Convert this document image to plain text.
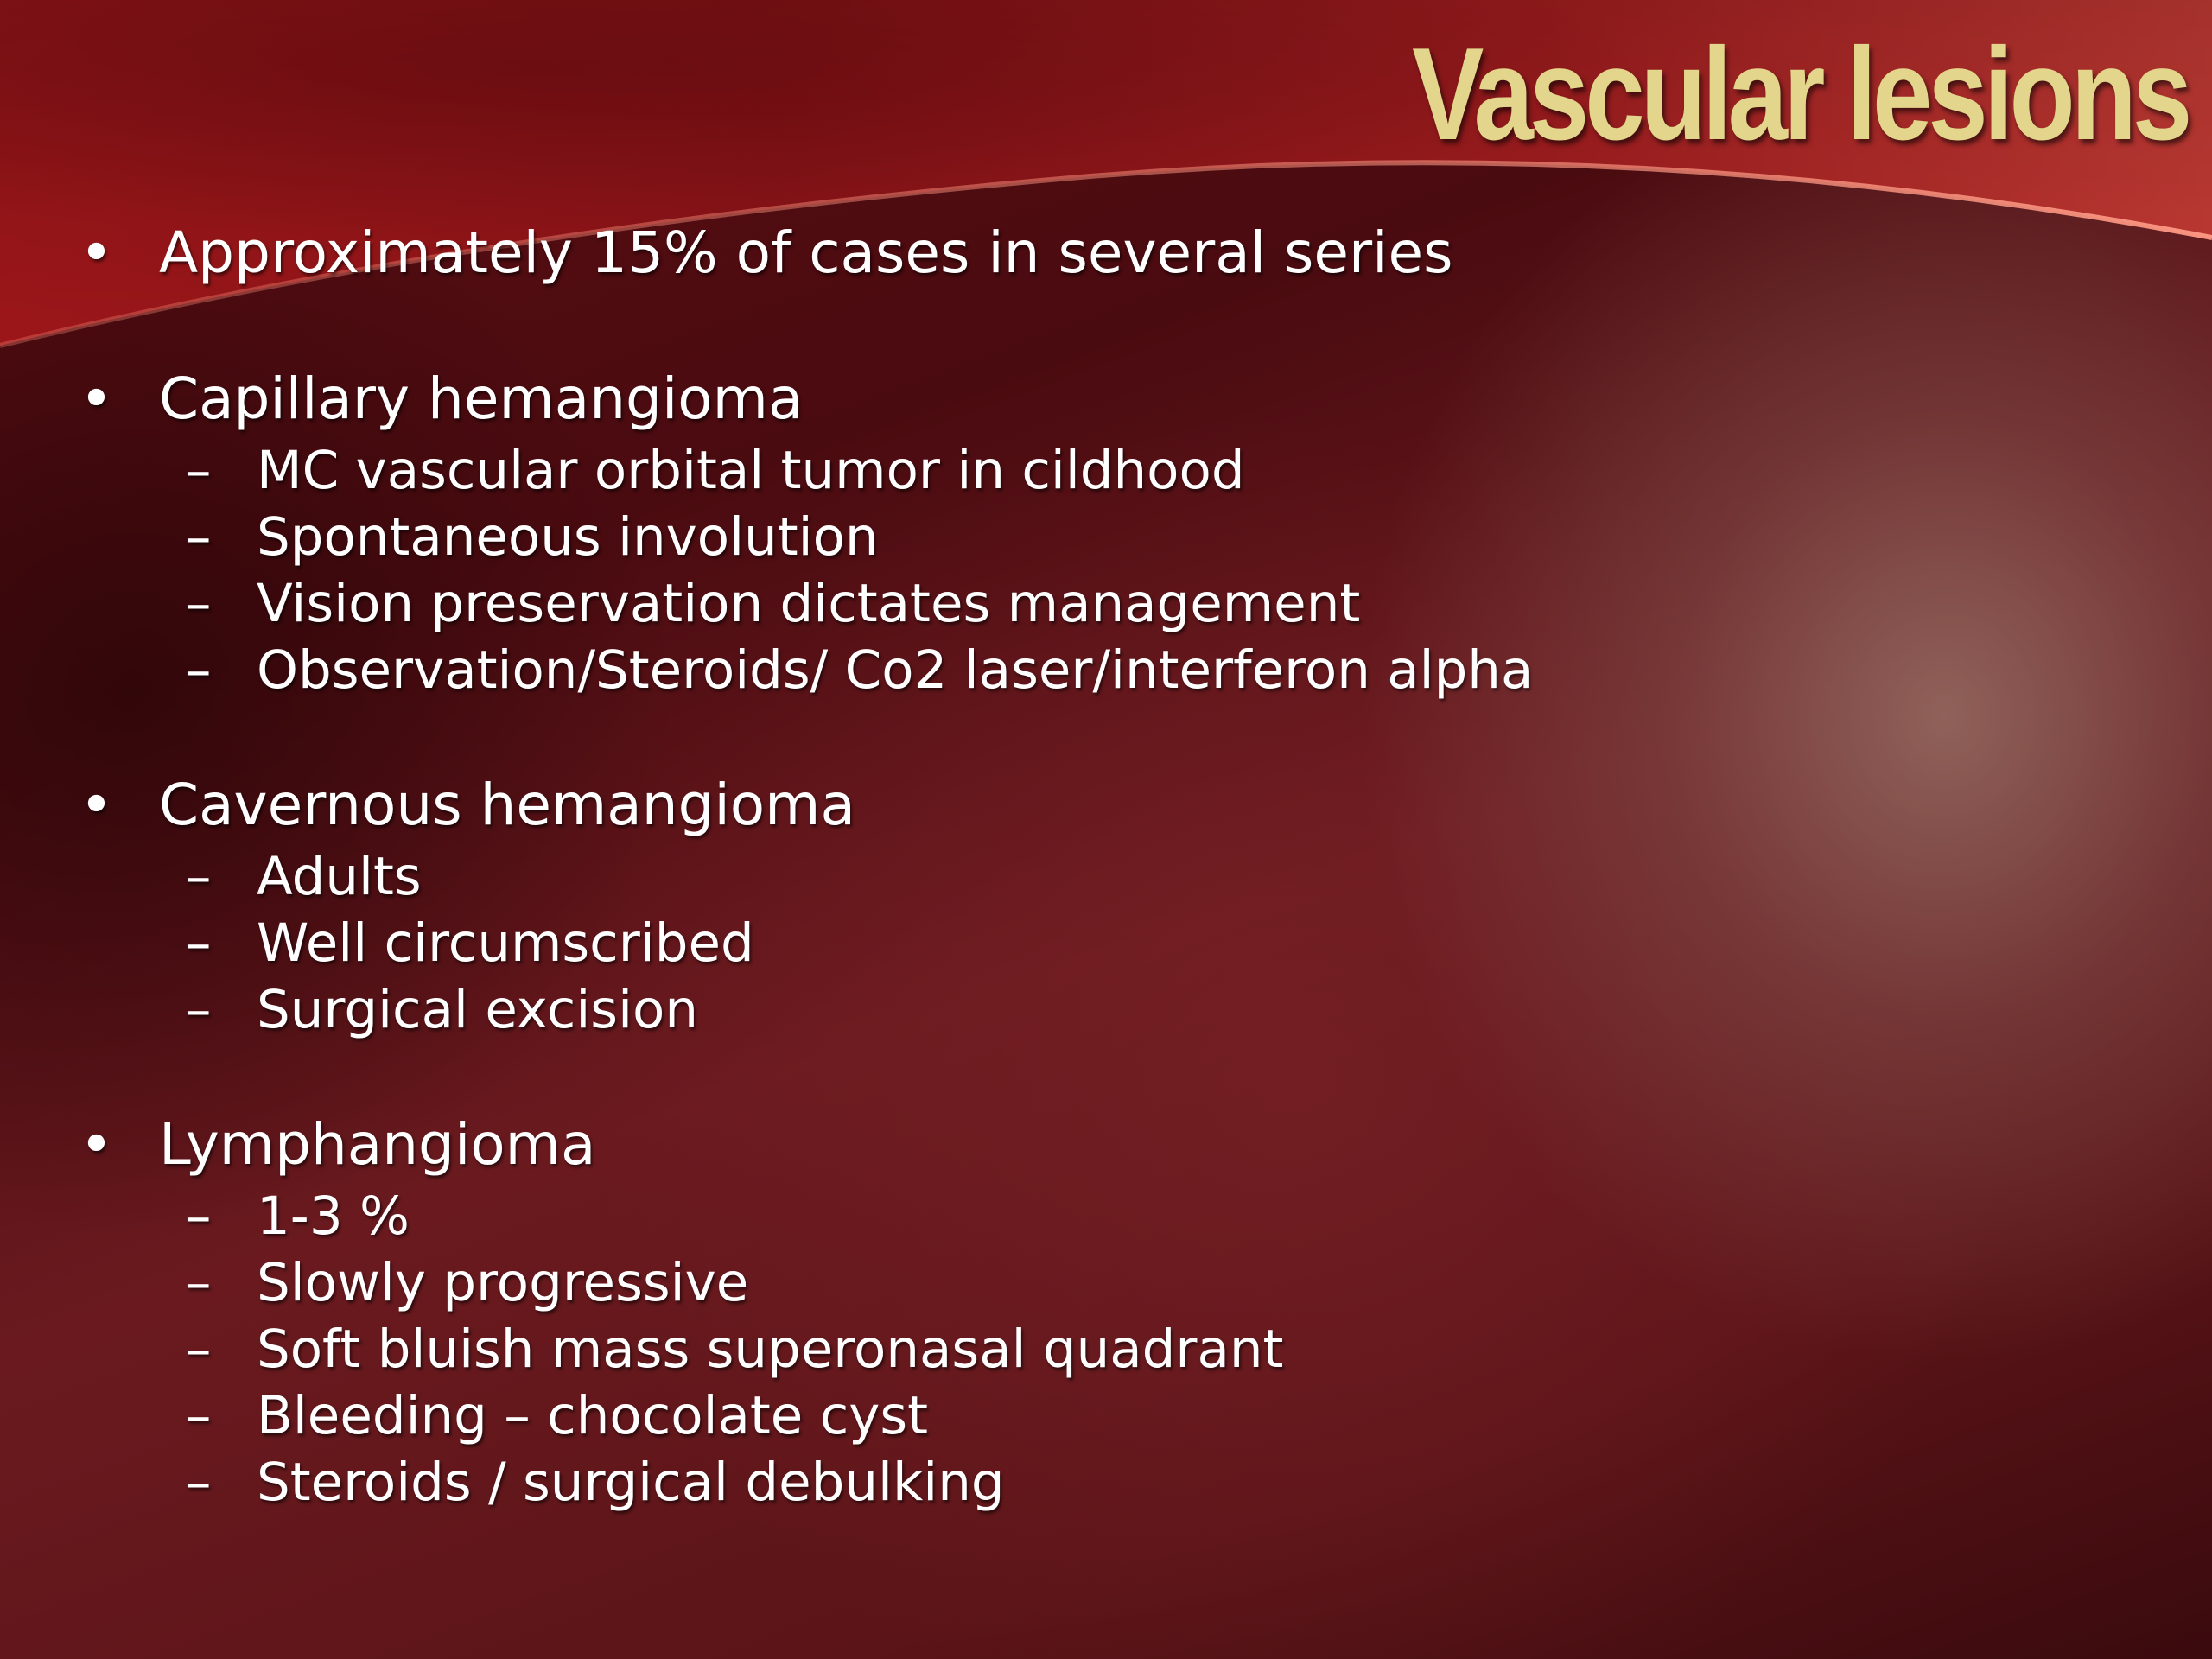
Vascular lesions
• Approximately 15% of cases in several series
• Capillary hemangioma
– MC vascular orbital tumor in cildhood
– Spontaneous involution
– Vision preservation dictates management
– Observation/Steroids/ Co2 laser/interferon alpha
• Cavernous hemangioma
– Adults
– Well circumscribed
– Surgical excision
• Lymphangioma
– 1-3 %
– Slowly progressive
– Soft bluish mass superonasal quadrant
– Bleeding – chocolate cyst
– Steroids / surgical debulking
